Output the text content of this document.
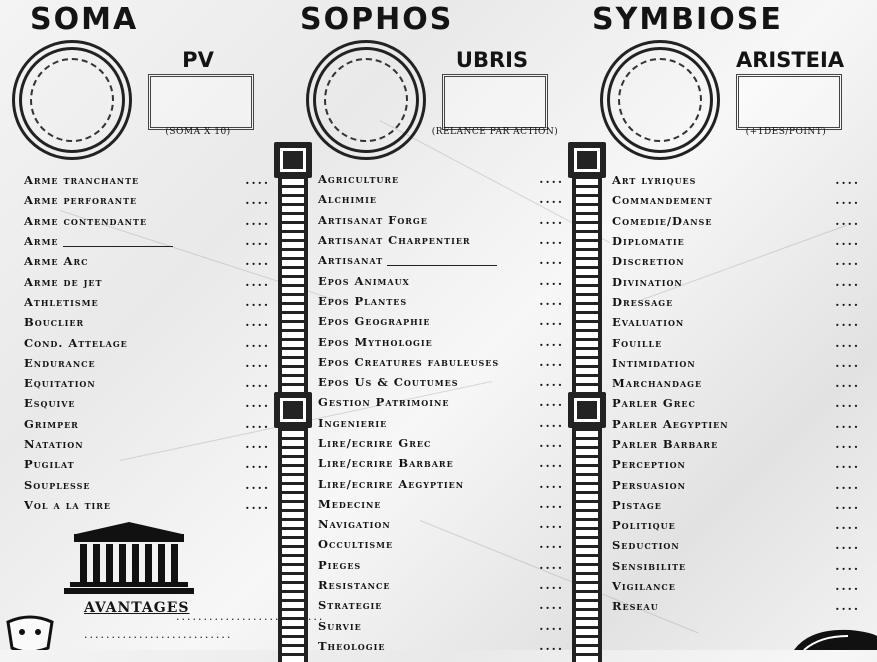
SOMA	SOPHOS	SYMBIOSE
PV
(SOMA X 10)
UBRIS
(RELANCE PAR ACTION)
ARISTEIA
(+1DES/POINT)
Arme tranchante	....
Arme perforante	....
Arme contendante	....
Arme	....
Arme Arc	....
Arme de jet	....
Athletisme	....
Bouclier	....
Cond. Attelage	....
Endurance	....
Equitation	....
Esquive	....
Grimper	....
Natation	....
Pugilat	....
Souplesse	....
Vol a la tire	....
Agriculture	....
Alchimie	....
Artisanat Forge	....
Artisanat Charpentier	....
Artisanat	....
Epos Animaux	....
Epos Plantes	....
Epos Geographie	....
Epos Mythologie	....
Epos Creatures fabuleuses	....
Epos Us & Coutumes	....
Gestion Patrimoine	....
Ingenierie	....
Lire/ecrire Grec	....
Lire/ecrire Barbare	....
Lire/ecrire Aegyptien	....
Medecine	....
Navigation	....
Occultisme	....
Pieges	....
Resistance	....
Strategie	....
Survie	....
Theologie	....
Art lyriques	....
Commandement	....
Comedie/Danse	....
Diplomatie	....
Discretion	....
Divination	....
Dressage	....
Evaluation	....
Fouille	....
Intimidation	....
Marchandage	....
Parler Grec	....
Parler Aegyptien	....
Parler Barbare	....
Perception	....
Persuasion	....
Pistage	....
Politique	....
Seduction	....
Sensibilite	....
Vigilance	....
Reseau	....
AVANTAGES
...........................
...........................
